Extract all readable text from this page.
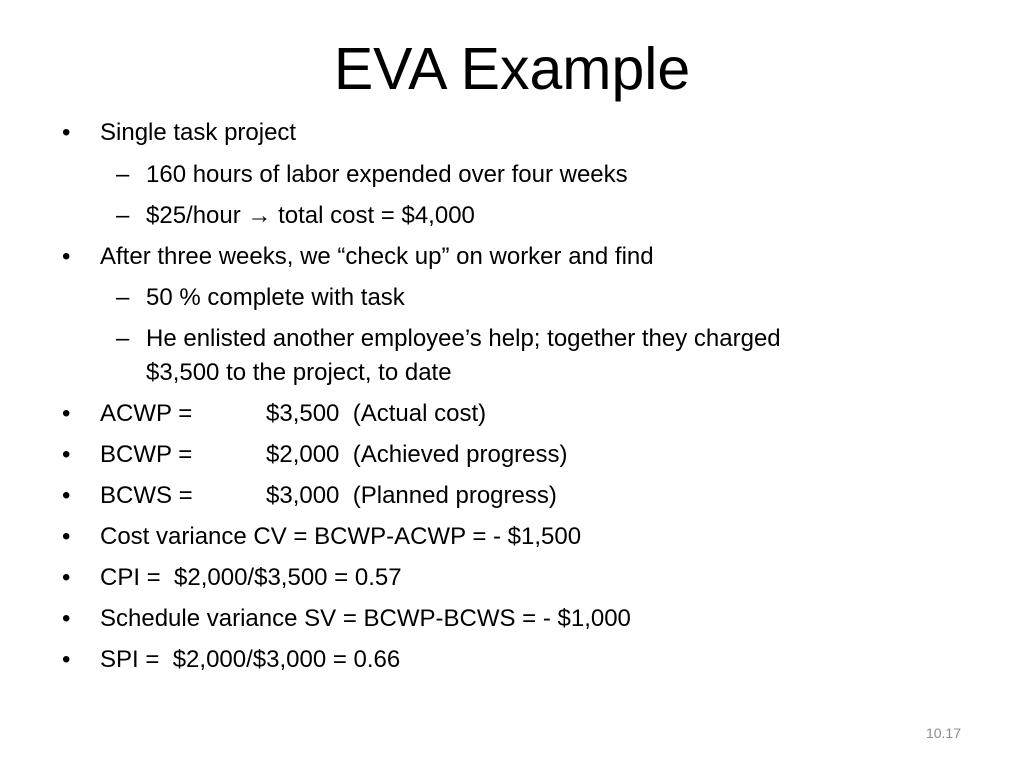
EVA Example
• Single task project
– 160 hours of labor expended over four weeks
– $25/hour → total cost = $4,000
• After three weeks, we “check up” on worker and find
– 50 % complete with task
– He enlisted another employee’s help; together they charged
$3,500 to the project, to date
• ACWP =	$3,500  (Actual cost)
• BCWP =	$2,000  (Achieved progress)
• BCWS =	$3,000  (Planned progress)
• Cost variance CV = BCWP-ACWP = - $1,500
• CPI =  $2,000/$3,500 = 0.57
• Schedule variance SV = BCWP-BCWS = - $1,000
• SPI =  $2,000/$3,000 = 0.66
10.17
